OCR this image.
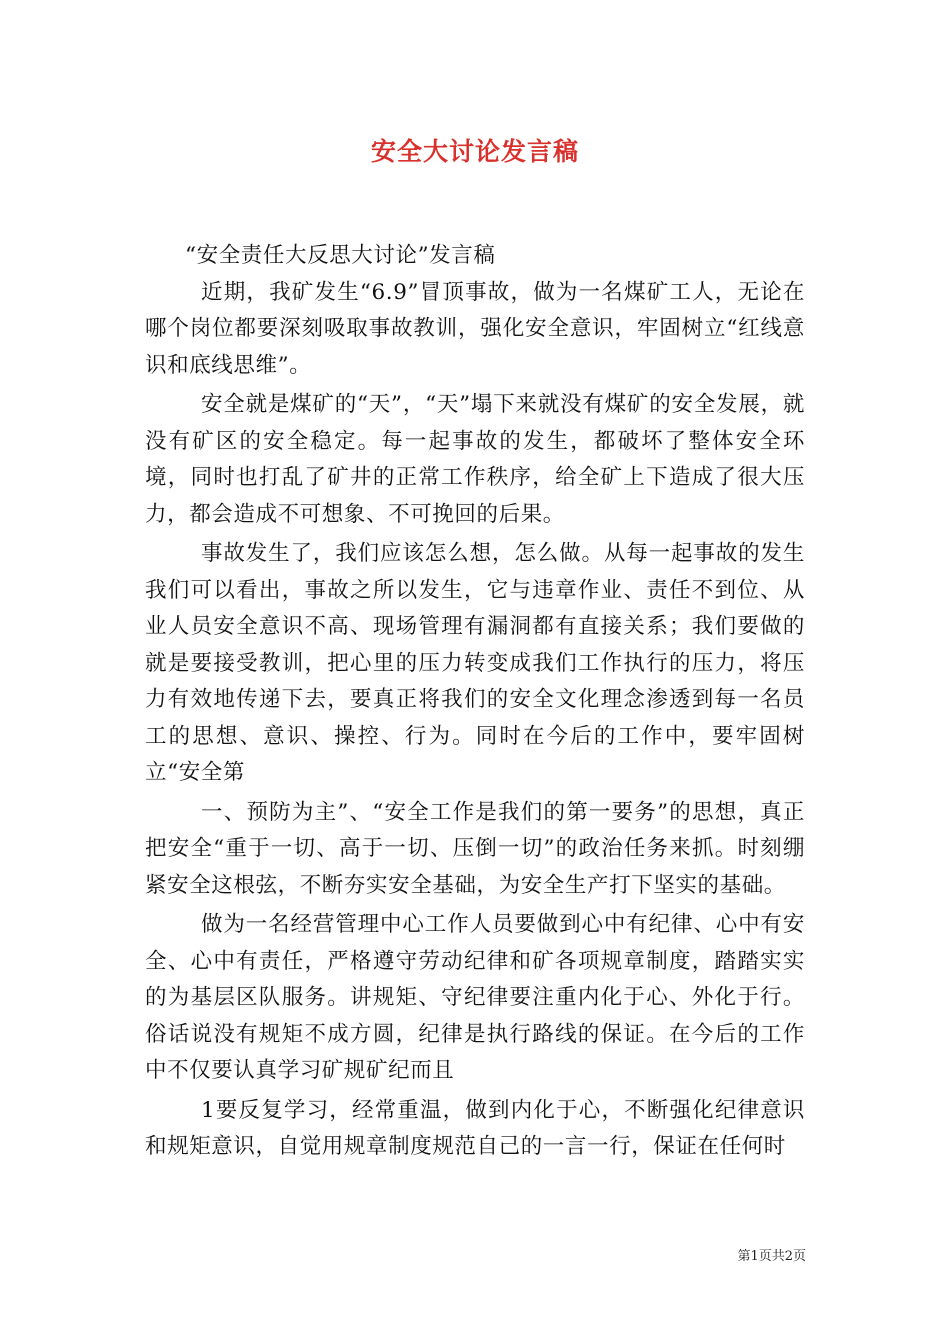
安全大讨论发言稿

“安全责任大反思大讨论”发言稿

近期，我矿发生“6.9”冒顶事故，做为一名煤矿工人，无论在哪个岗位都要深刻吸取事故教训，强化安全意识，牢固树立“红线意识和底线思维”。

安全就是煤矿的“天”，“天”塌下来就没有煤矿的安全发展，就没有矿区的安全稳定。每一起事故的发生，都破坏了整体安全环境，同时也打乱了矿井的正常工作秩序，给全矿上下造成了很大压力，都会造成不可想象、不可挽回的后果。

事故发生了，我们应该怎么想，怎么做。从每一起事故的发生我们可以看出，事故之所以发生，它与违章作业、责任不到位、从业人员安全意识不高、现场管理有漏洞都有直接关系；我们要做的就是要接受教训，把心里的压力转变成我们工作执行的压力，将压力有效地传递下去，要真正将我们的安全文化理念渗透到每一名员工的思想、意识、操控、行为。同时在今后的工作中，要牢固树立“安全第

一、预防为主”、“安全工作是我们的第一要务”的思想，真正把安全“重于一切、高于一切、压倒一切”的政治任务来抓。时刻绷紧安全这根弦，不断夯实安全基础，为安全生产打下坚实的基础。

做为一名经营管理中心工作人员要做到心中有纪律、心中有安全、心中有责任，严格遵守劳动纪律和矿各项规章制度，踏踏实实的为基层区队服务。讲规矩、守纪律要注重内化于心、外化于行。俗话说没有规矩不成方圆，纪律是执行路线的保证。在今后的工作中不仅要认真学习矿规矿纪而且

1要反复学习，经常重温，做到内化于心，不断强化纪律意识和规矩意识，自觉用规章制度规范自己的一言一行，保证在任何时

第1页共2页
